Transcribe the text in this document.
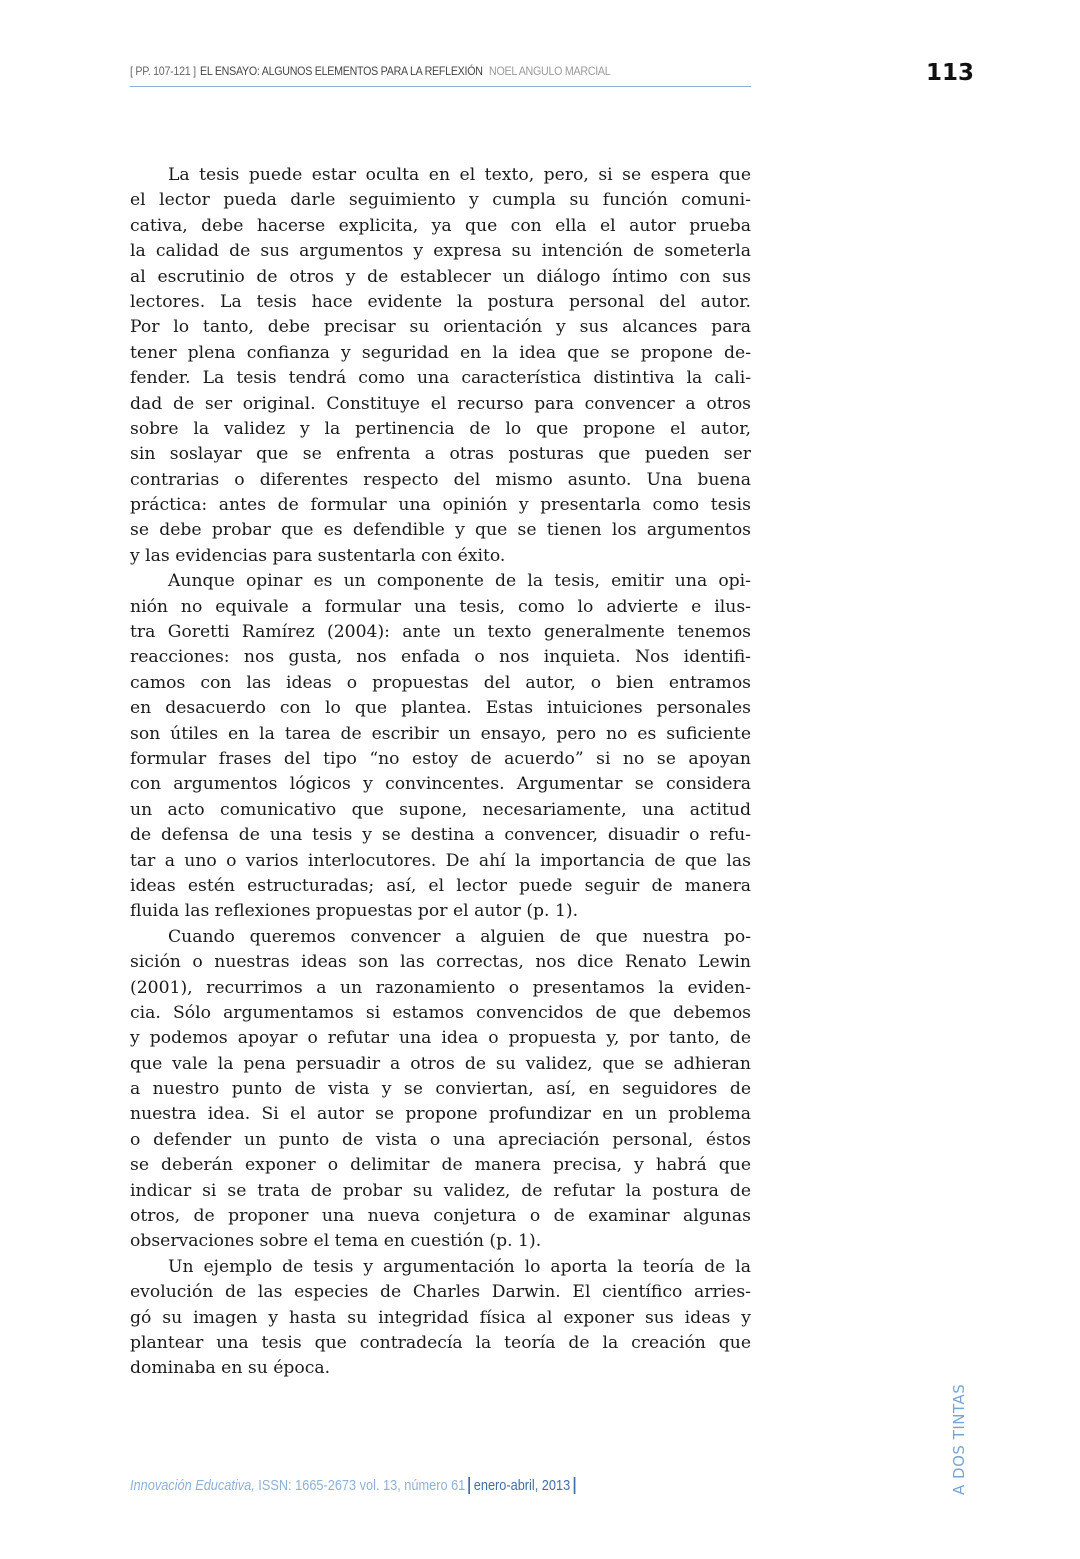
[ PP. 107-121 ] EL ENSAYO: ALGUNOS ELEMENTOS PARA LA REFLEXIÓN NOEL ANGULO MARCIAL	113
La tesis puede estar oculta en el texto, pero, si se espera que
el lector pueda darle seguimiento y cumpla su función comuni-
cativa, debe hacerse explicita, ya que con ella el autor prueba
la calidad de sus argumentos y expresa su intención de someterla
al escrutinio de otros y de establecer un diálogo íntimo con sus
lectores. La tesis hace evidente la postura personal del autor.
Por lo tanto, debe precisar su orientación y sus alcances para
tener plena confianza y seguridad en la idea que se propone de-
fender. La tesis tendrá como una característica distintiva la cali-
dad de ser original. Constituye el recurso para convencer a otros
sobre la validez y la pertinencia de lo que propone el autor,
sin soslayar que se enfrenta a otras posturas que pueden ser
contrarias o diferentes respecto del mismo asunto. Una buena
práctica: antes de formular una opinión y presentarla como tesis
se debe probar que es defendible y que se tienen los argumentos
y las evidencias para sustentarla con éxito.
Aunque opinar es un componente de la tesis, emitir una opi-
nión no equivale a formular una tesis, como lo advierte e ilus-
tra Goretti Ramírez (2004): ante un texto generalmente tenemos
reacciones: nos gusta, nos enfada o nos inquieta. Nos identifi-
camos con las ideas o propuestas del autor, o bien entramos
en desacuerdo con lo que plantea. Estas intuiciones personales
son útiles en la tarea de escribir un ensayo, pero no es suficiente
formular frases del tipo “no estoy de acuerdo” si no se apoyan
con argumentos lógicos y convincentes. Argumentar se considera
un acto comunicativo que supone, necesariamente, una actitud
de defensa de una tesis y se destina a convencer, disuadir o refu-
tar a uno o varios interlocutores. De ahí la importancia de que las
ideas estén estructuradas; así, el lector puede seguir de manera
fluida las reflexiones propuestas por el autor (p. 1).
Cuando queremos convencer a alguien de que nuestra po-
sición o nuestras ideas son las correctas, nos dice Renato Lewin
(2001), recurrimos a un razonamiento o presentamos la eviden-
cia. Sólo argumentamos si estamos convencidos de que debemos
y podemos apoyar o refutar una idea o propuesta y, por tanto, de
que vale la pena persuadir a otros de su validez, que se adhieran
a nuestro punto de vista y se conviertan, así, en seguidores de
nuestra idea. Si el autor se propone profundizar en un problema
o defender un punto de vista o una apreciación personal, éstos
se deberán exponer o delimitar de manera precisa, y habrá que
indicar si se trata de probar su validez, de refutar la postura de
otros, de proponer una nueva conjetura o de examinar algunas
observaciones sobre el tema en cuestión (p. 1).
Un ejemplo de tesis y argumentación lo aporta la teoría de la
evolución de las especies de Charles Darwin. El científico arries-
gó su imagen y hasta su integridad física al exponer sus ideas y
plantear una tesis que contradecía la teoría de la creación que
dominaba en su época.
Innovación Educativa, ISSN: 1665-2673 vol. 13, número 61 enero-abril, 2013	A DOS TINTAS
